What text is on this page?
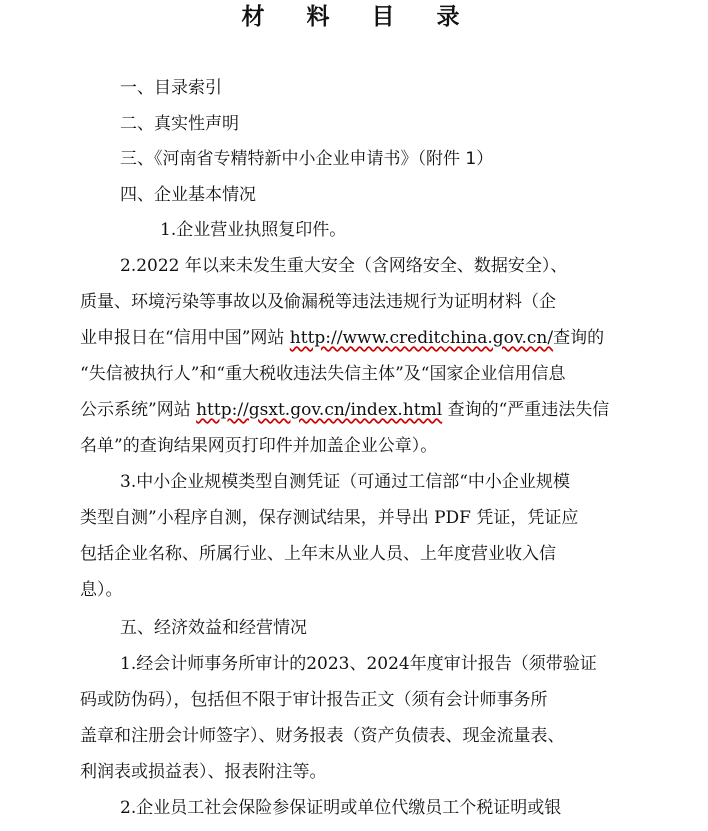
材 料 目 录
一、目录索引
二、真实性声明
三、《河南省专精特新中小企业申请书》（附件 1）
四、企业基本情况
1.企业营业执照复印件。
2.2022 年以来未发生重大安全（含网络安全、数据安全）、
质量、环境污染等事故以及偷漏税等违法违规行为证明材料（企
业申报日在“信用中国”网站 http://www.creditchina.gov.cn/查询的
“失信被执行人”和“重大税收违法失信主体”及“国家企业信用信息
公示系统”网站 http://gsxt.gov.cn/index.html 查询的“严重违法失信
名单”的查询结果网页打印件并加盖企业公章）。
3.中小企业规模类型自测凭证（可通过工信部“中小企业规模
类型自测”小程序自测，保存测试结果，并导出 PDF 凭证，凭证应
包括企业名称、所属行业、上年末从业人员、上年度营业收入信
息）。
五、经济效益和经营情况
1.经会计师事务所审计的2023、2024年度审计报告（须带验证
码或防伪码），包括但不限于审计报告正文（须有会计师事务所
盖章和注册会计师签字）、财务报表（资产负债表、现金流量表、
利润表或损益表）、报表附注等。
2.企业员工社会保险参保证明或单位代缴员工个税证明或银
